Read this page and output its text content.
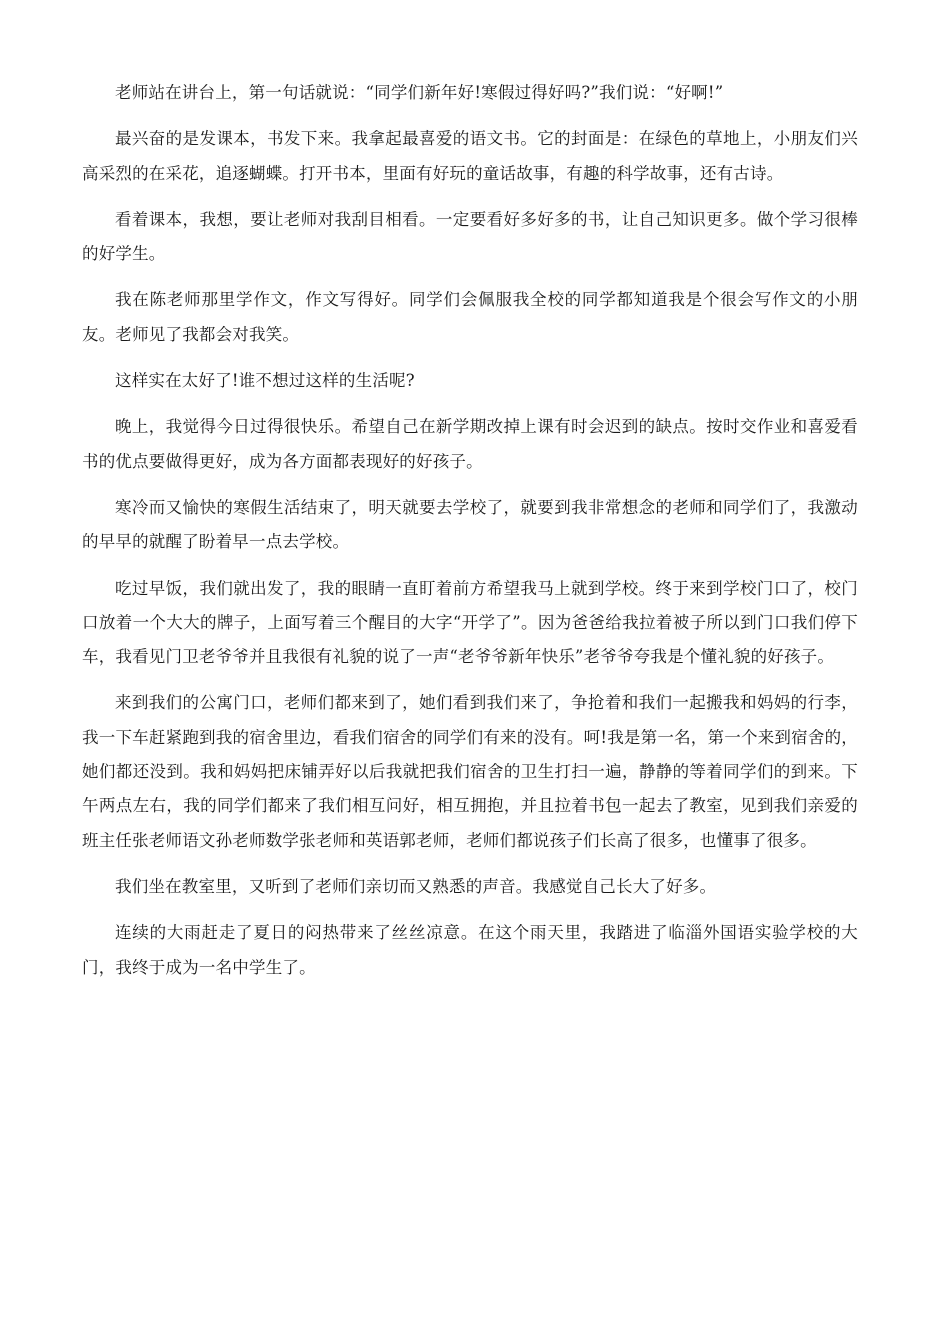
老师站在讲台上，第一句话就说：“同学们新年好!寒假过得好吗?”我们说：“好啊!”

最兴奋的是发课本，书发下来。我拿起最喜爱的语文书。它的封面是：在绿色的草地上，小朋友们兴高采烈的在采花，追逐蝴蝶。打开书本，里面有好玩的童话故事，有趣的科学故事，还有古诗。

看着课本，我想，要让老师对我刮目相看。一定要看好多好多的书，让自己知识更多。做个学习很棒的好学生。

我在陈老师那里学作文，作文写得好。同学们会佩服我全校的同学都知道我是个很会写作文的小朋友。老师见了我都会对我笑。

这样实在太好了!谁不想过这样的生活呢?

晚上，我觉得今日过得很快乐。希望自己在新学期改掉上课有时会迟到的缺点。按时交作业和喜爱看书的优点要做得更好，成为各方面都表现好的好孩子。

寒冷而又愉快的寒假生活结束了，明天就要去学校了，就要到我非常想念的老师和同学们了，我激动的早早的就醒了盼着早一点去学校。

吃过早饭，我们就出发了，我的眼睛一直盯着前方希望我马上就到学校。终于来到学校门口了，校门口放着一个大大的牌子，上面写着三个醒目的大字“开学了”。因为爸爸给我拉着被子所以到门口我们停下车，我看见门卫老爷爷并且我很有礼貌的说了一声“老爷爷新年快乐”老爷爷夸我是个懂礼貌的好孩子。

来到我们的公寓门口，老师们都来到了，她们看到我们来了，争抢着和我们一起搬我和妈妈的行李，我一下车赶紧跑到我的宿舍里边，看我们宿舍的同学们有来的没有。呵!我是第一名，第一个来到宿舍的，她们都还没到。我和妈妈把床铺弄好以后我就把我们宿舍的卫生打扫一遍，静静的等着同学们的到来。下午两点左右，我的同学们都来了我们相互问好，相互拥抱，并且拉着书包一起去了教室，见到我们亲爱的班主任张老师语文孙老师数学张老师和英语郭老师，老师们都说孩子们长高了很多，也懂事了很多。

我们坐在教室里，又听到了老师们亲切而又熟悉的声音。我感觉自己长大了好多。

连续的大雨赶走了夏日的闷热带来了丝丝凉意。在这个雨天里，我踏进了临淄外国语实验学校的大门，我终于成为一名中学生了。
